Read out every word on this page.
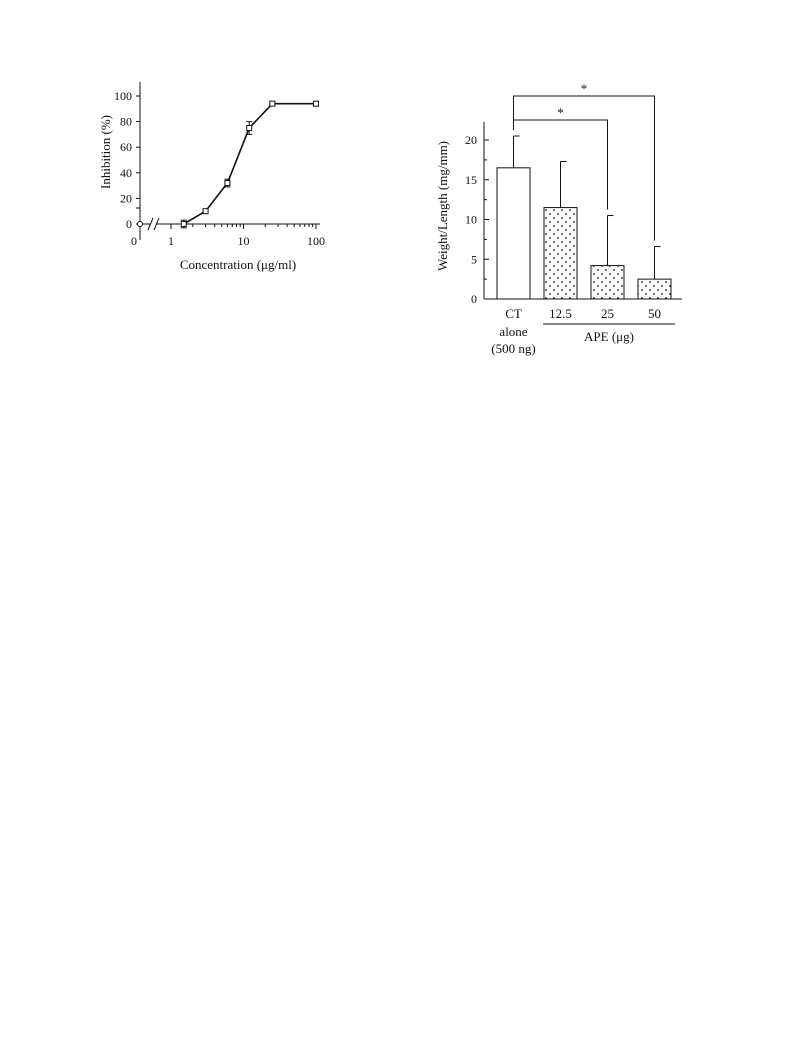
0
20
40
60
80
100
0	1	10	100
Concentration (μg/ml)
Inhibition (%)
0
5
10
15
20
*
*
CT 12.5 25	50
alone
(500 ng)
APE (μg)
Weight/Length (mg/mm)
